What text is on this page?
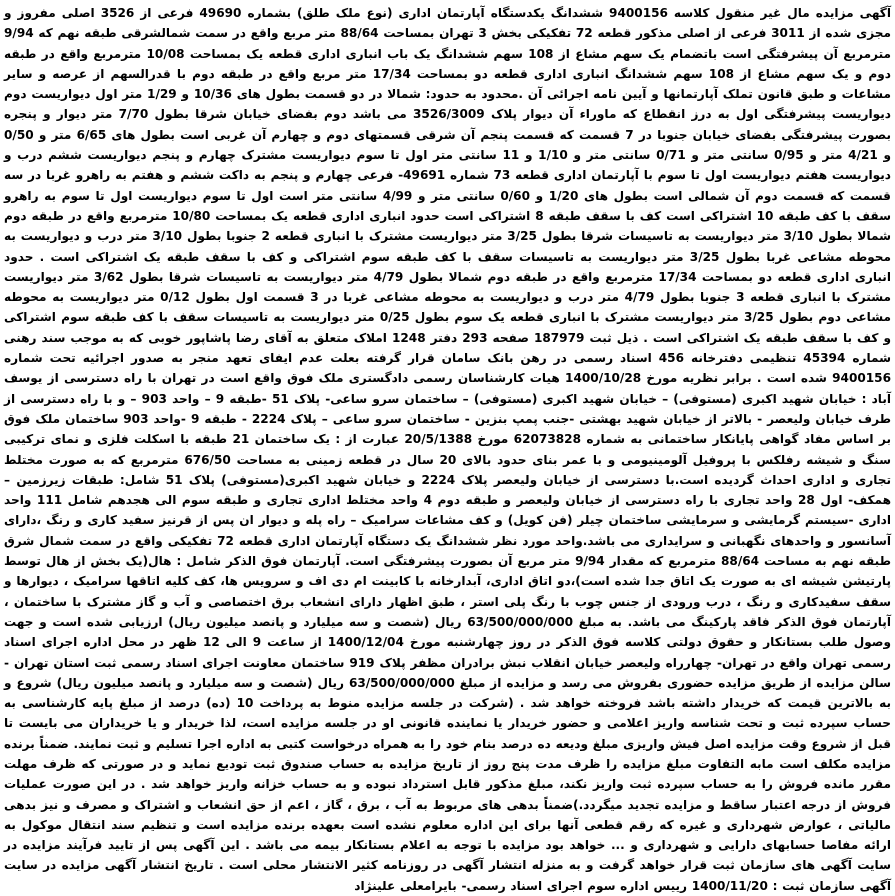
آگهی مزایده مال غیر منقول کلاسه 9400156 ششدانگ یکدستگاه آپارتمان اداری (نوع ملک طلق) بشماره 49690 فرعی از 3526 اصلی مفروز و مجزی شده از 3011 فرعی از اصلی مذکور قطعه 72 تفکیکی بخش 3 تهران بمساحت 88/64 متر مربع واقع در سمت شمالشرقی طبقه نهم که 9/94 مترمربع آن پیشرفتگی است باتضمام یک سهم مشاع از 108 سهم ششدانگ یک باب انباری اداری قطعه یک بمساحت 10/08 مترمربع واقع در طبقه دوم و یک سهم مشاع از 108 سهم ششدانگ انباری اداری قطعه دو بمساحت 17/34 متر مربع واقع در طبقه دوم با قدرالسهم از عرصه و سایر مشاعات و طبق قانون تملک آپارتمانها و آیین نامه اجرائی آن .محدود به حدود: شمالا در دو قسمت بطول های 10/36 و 1/29 متر اول دیواریست دوم دیواریست پیشرفتگی اول به درز انقطاع که ماوراء آن دیوار پلاک 3526/3009 می باشد دوم بفضای خیابان شرقا بطول 7/70 متر دیوار و پنجره بصورت پیشرفتگی بفضای خیابان جنوبا در 7 قسمت که قسمت پنجم آن شرقی قسمتهای دوم و چهارم آن غربی است بطول های 6/65 متر و 0/50 و 4/21 متر و 0/95 سانتی متر و 0/71 سانتی متر و 1/10 و 11 سانتی متر اول تا سوم دیواریست مشترک چهارم و پنجم دیواریست ششم درب و دیواریست هفتم دیواریست اول تا سوم با آپارتمان اداری قطعه 73 شماره 49691- فرعی چهارم و پنجم به داکت ششم و هفتم به راهرو غربا در سه قسمت که قسمت دوم آن شمالی است بطول های 1/20 و 0/60 سانتی متر و 4/99 سانتی متر است اول تا سوم دیواریست اول تا سوم به راهرو سقف با کف طبقه 10 اشتراکی است کف با سقف طبقه 8 اشتراکی است حدود انباری اداری قطعه یک بمساحت 10/80 مترمربع واقع در طبقه دوم شمالا بطول 3/10 متر دیواریست به تاسیسات شرقا بطول 3/25 متر دیواریست مشترک با انباری قطعه 2 جنوبا بطول 3/10 متر درب و دیواریست به محوطه مشاعی غربا بطول 3/25 متر دیواریست به تاسیسات سقف با کف طبقه سوم اشتراکی و کف با سقف طبقه یک اشتراکی است . حدود انباری اداری قطعه دو بمساحت 17/34 مترمربع واقع در طبقه دوم شمالا بطول 4/79 متر دیواریست به تاسیسات شرقا بطول 3/62 متر دیواریست مشترک با انباری قطعه 3 جنوبا بطول 4/79 متر درب و دیواریست به محوطه مشاعی غربا در 3 قسمت اول بطول 0/12 متر دیواریست به محوطه مشاعی دوم بطول 3/25 متر دیواریست مشترک با انباری قطعه یک سوم بطول 0/25 متر دیواریست به تاسیسات سقف با کف طبقه سوم اشتراکی و کف با سقف طبقه یک اشتراکی است . ذیل ثبت 187979 صفحه 293 دفتر 1248 املاک متعلق به آقای رضا پاشاپور خوبی که به موجب سند رهنی شماره 45394 تنظیمی دفترخانه 456 اسناد رسمی در رهن بانک سامان قرار گرفته بعلت عدم ایفای تعهد منجر به صدور اجرائیه تحت شماره 9400156 شده است . برابر نظریه مورخ 1400/10/28 هیات کارشناسان رسمی دادگستری ملک فوق واقع است در تهران با راه دسترسی از یوسف آباد : خیابان شهید اکبری (مستوفی) – خیابان شهید اکبری (مستوفی) – ساختمان سرو ساعی- پلاک 51 -طبقه 9 – واحد 903 – و با راه دسترسی از طرف خیابان ولیعصر - بالاتر از خیابان شهید بهشتی -جنب پمپ بنزین - ساختمان سرو ساعی – پلاک 2224 - طبقه 9 -واحد 903 ساختمان ملک فوق بر اساس مفاد گواهی پایانکار ساختمانی به شماره 62073828 مورخ 20/5/1388 عبارت از : یک ساختمان 21 طبقه با اسکلت فلزی و نمای ترکیبی سنگ و شیشه رفلکس با پروفیل آلومینیومی و با عمر بنای حدود بالای 20 سال در قطعه زمینی به مساحت 676/50 مترمربع که به صورت مختلط تجاری و اداری احداث گردیده است.با دسترسی از خیابان ولیعصر پلاک 2224 و خیابان شهید اکبری(مستوفی) پلاک 51 شامل: طبقات زیرزمین – همکف- اول 28 واحد تجاری با راه دسترسی از خیابان ولیعصر و طبقه دوم 4 واحد مختلط اداری تجاری و طبقه سوم الی هجدهم شامل 111 واحد اداری -سیستم گرمایشی و سرمایشی ساختمان چیلر (فن کویل) و کف مشاعات سرامیک – راه پله و دیوار ان پس از قرنیز سفید کاری و رنگ ،دارای آسانسور و واحدهای نگهبانی و سرایداری می باشد.واحد مورد نظر ششدانگ یک دستگاه آپارتمان اداری قطعه 72 تفکیکی واقع در سمت شمال شرق طبقه نهم به مساحت 88/64 مترمربع که مقدار 9/94 متر مربع آن بصورت پیشرفتگی است. آپارتمان فوق الذکر شامل : هال(یک بخش از هال توسط پارتیشن شیشه ای به صورت یک اتاق جدا شده است)،دو اتاق اداری، آبدارخانه با کابینت ام دی اف و سرویس ها، کف کلیه اتاقها سرامیک ، دیوارها و سقف سفیدکاری و رنگ ، درب ورودی از جنس چوب با رنگ پلی استر ، طبق اظهار دارای انشعاب برق اختصاصی و آب و گاز مشترک با ساختمان ، آپارتمان فوق الذکر فاقد پارکینگ می باشد. به مبلغ 63/500/000/000 ریال (شصت و سه میلیارد و پانصد میلیون ریال) ارزیابی شده است و جهت وصول طلب بستانکار و حقوق دولتی کلاسه فوق الذکر در روز چهارشنبه مورخ 1400/12/04 از ساعت 9 الی 12 ظهر در محل اداره اجرای اسناد رسمی تهران واقع در تهران- چهارراه ولیعصر خیابان انقلاب نبش برادران مظفر پلاک 919 ساختمان معاونت اجرای اسناد رسمی ثبت استان تهران - سالن مزایده از طریق مزایده حضوری بفروش می رسد و مزایده از مبلغ 63/500/000/000 ریال (شصت و سه میلیارد و پانصد میلیون ریال) شروع و به بالاترین قیمت که خریدار داشته باشد فروخته خواهد شد . (شرکت در جلسه مزایده منوط به پرداخت 10 (ده) درصد از مبلغ پایه کارشناسی به حساب سپرده ثبت و تحت شناسه واریز اعلامی و حضور خریدار یا نماینده قانونی او در جلسه مزایده است، لذا خریدار و یا خریداران می بایست تا قبل از شروع وقت مزایده اصل فیش واریزی مبلغ ودیعه ده درصد بنام خود را به همراه درخواست کتبی به اداره اجرا تسلیم و ثبت نمایند. ضمناً برنده مزایده مکلف است مابه التفاوت مبلغ مزایده را ظرف مدت پنج روز از تاریخ مزایده به حساب صندوق ثبت تودیع نماید و در صورتی که ظرف مهلت مقرر مانده فروش را به حساب سپرده ثبت واریز نکند، مبلغ مذکور قابل استرداد نبوده و به حساب خزانه واریز خواهد شد . در این صورت عملیات فروش از درجه اعتبار ساقط و مزایده تجدید میگردد.)ضمناً بدهی های مربوط به آب ، برق ، گاز ، اعم از حق انشعاب و اشتراک و مصرف و نیز بدهی مالیاتی ، عوارض شهرداری و غیره که رقم قطعی آنها برای این اداره معلوم نشده است بعهده برنده مزایده است و تنظیم سند انتقال موکول به ارائه مفاصا حسابهای دارایی و شهرداری و ... خواهد بود مزایده با توجه به اعلام بستانکار بیمه می باشد . این آگهی پس از تایید فرآیند مزایده در سایت آگهی های سازمان ثبت قرار خواهد گرفت و به منزله انتشار آگهی در روزنامه کثیر الانتشار محلی است . تاریخ انتشار آگهی مزایده در سایت آگهی سازمان ثبت : 1400/11/20 رییس اداره سوم اجرای اسناد رسمی- بایرامعلی علینژاد
